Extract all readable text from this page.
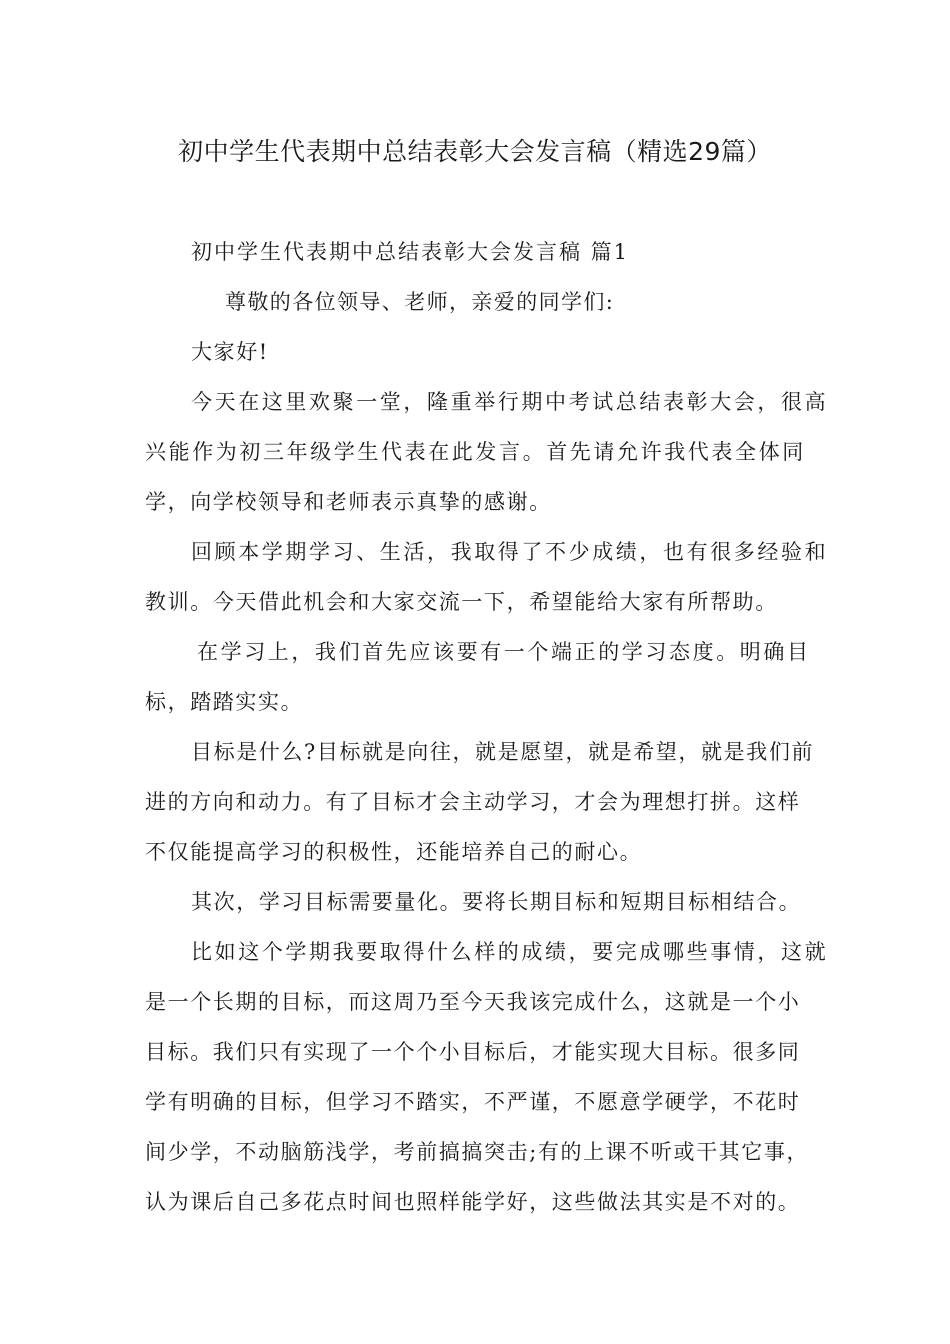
初中学生代表期中总结表彰大会发言稿（精选29篇）
初中学生代表期中总结表彰大会发言稿 篇1
尊敬的各位领导、老师，亲爱的同学们:
大家好!
今天在这里欢聚一堂，隆重举行期中考试总结表彰大会，很高
兴能作为初三年级学生代表在此发言。首先请允许我代表全体同
学，向学校领导和老师表示真挚的感谢。
回顾本学期学习、生活，我取得了不少成绩，也有很多经验和
教训。今天借此机会和大家交流一下，希望能给大家有所帮助。
在学习上，我们首先应该要有一个端正的学习态度。明确目
标，踏踏实实。
目标是什么?目标就是向往，就是愿望，就是希望，就是我们前
进的方向和动力。有了目标才会主动学习，才会为理想打拼。这样
不仅能提高学习的积极性，还能培养自己的耐心。
其次，学习目标需要量化。要将长期目标和短期目标相结合。
比如这个学期我要取得什么样的成绩，要完成哪些事情，这就
是一个长期的目标，而这周乃至今天我该完成什么，这就是一个小
目标。我们只有实现了一个个小目标后，才能实现大目标。很多同
学有明确的目标，但学习不踏实，不严谨，不愿意学硬学，不花时
间少学，不动脑筋浅学，考前搞搞突击;有的上课不听或干其它事，
认为课后自己多花点时间也照样能学好，这些做法其实是不对的。
